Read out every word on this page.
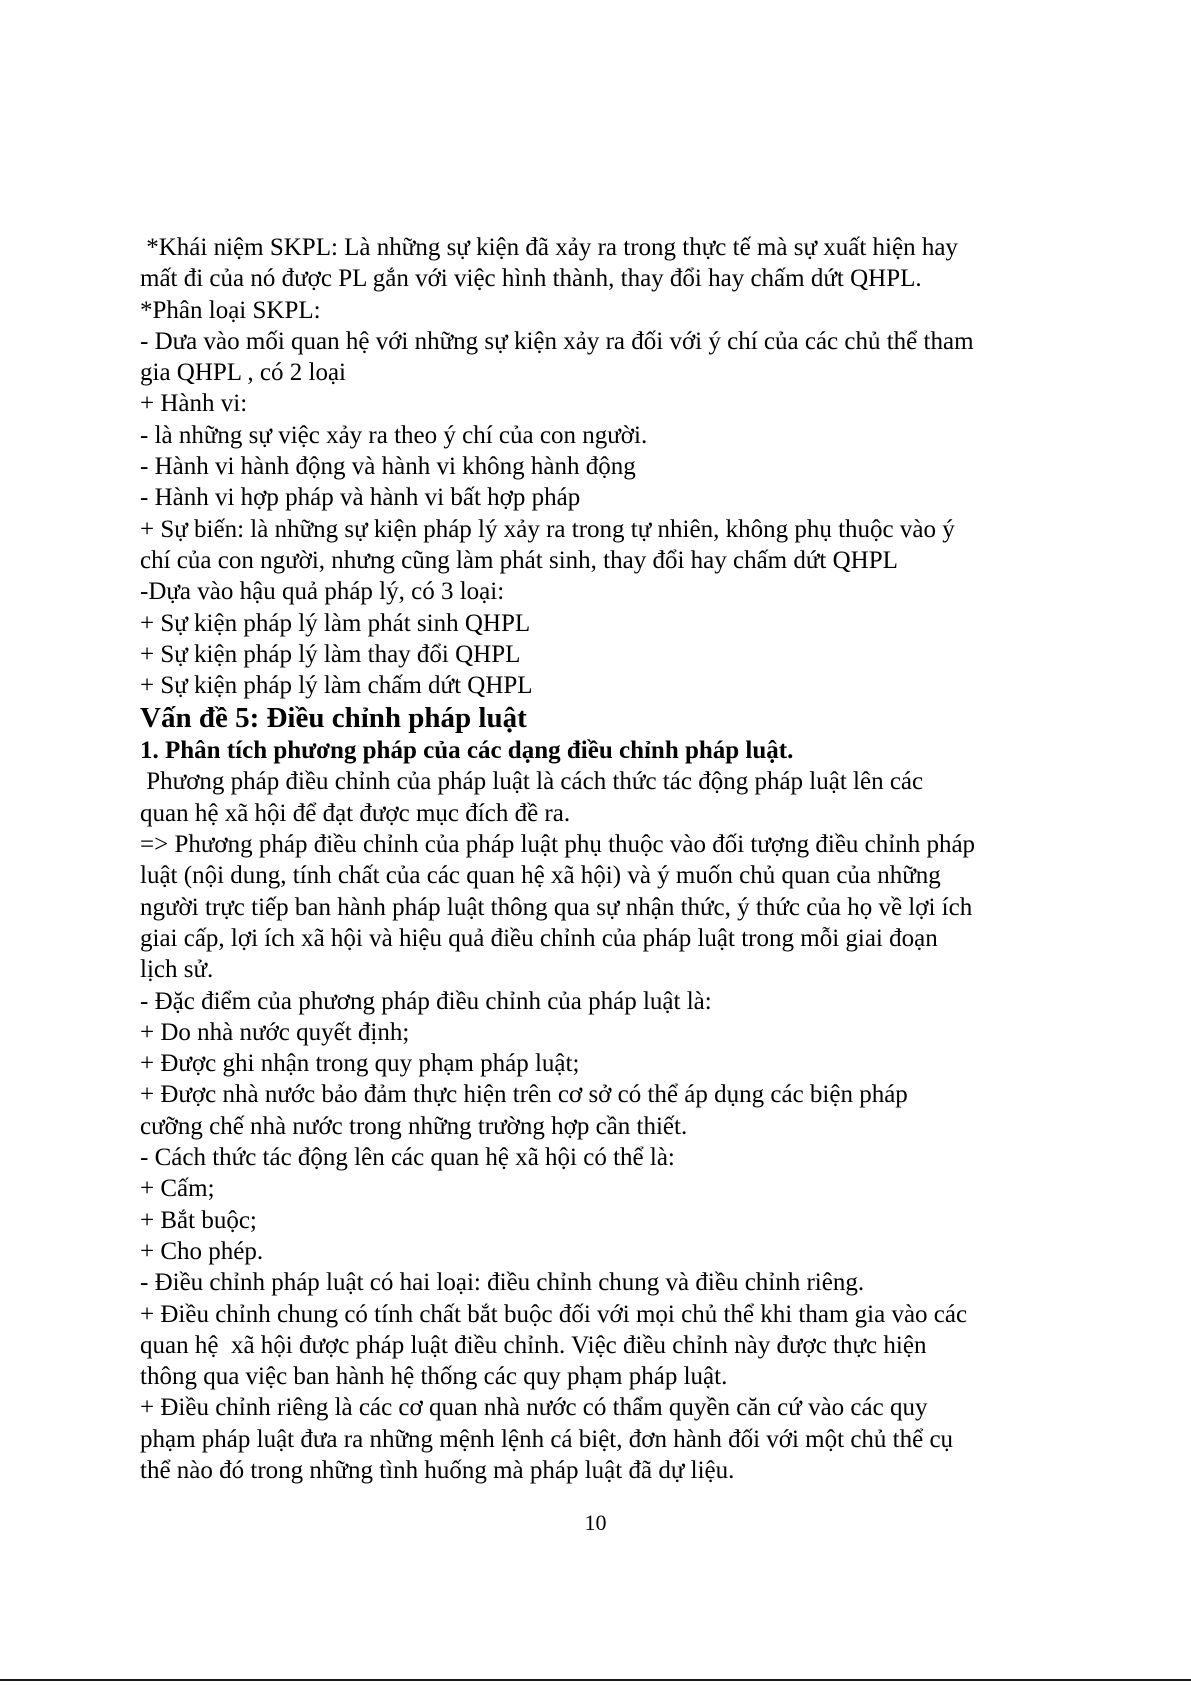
*Khái niệm SKPL: Là những sự kiện đã xảy ra trong thực tế mà sự xuất hiện hay
mất đi của nó được PL gắn với việc hình thành, thay đổi hay chấm dứt QHPL.
*Phân loại SKPL:
- Dưa vào mối quan hệ với những sự kiện xảy ra đối với ý chí của các chủ thể tham
gia QHPL , có 2 loại
+ Hành vi:
- là những sự việc xảy ra theo ý chí của con người.
- Hành vi hành động và hành vi không hành động
- Hành vi hợp pháp và hành vi bất hợp pháp
+ Sự biến: là những sự kiện pháp lý xảy ra trong tự nhiên, không phụ thuộc vào ý
chí của con người, nhưng cũng làm phát sinh, thay đổi hay chấm dứt QHPL
-Dựa vào hậu quả pháp lý, có 3 loại:
+ Sự kiện pháp lý làm phát sinh QHPL
+ Sự kiện pháp lý làm thay đổi QHPL
+ Sự kiện pháp lý làm chấm dứt QHPL
Vấn đề 5: Điều chỉnh pháp luật
1. Phân tích phương pháp của các dạng điều chỉnh pháp luật.
Phương pháp điều chỉnh của pháp luật là cách thức tác động pháp luật lên các
quan hệ xã hội để đạt được mục đích đề ra.
=> Phương pháp điều chỉnh của pháp luật phụ thuộc vào đối tượng điều chỉnh pháp
luật (nội dung, tính chất của các quan hệ xã hội) và ý muốn chủ quan của những
người trực tiếp ban hành pháp luật thông qua sự nhận thức, ý thức của họ về lợi ích
giai cấp, lợi ích xã hội và hiệu quả điều chỉnh của pháp luật trong mỗi giai đoạn
lịch sử.
- Đặc điểm của phương pháp điều chỉnh của pháp luật là:
+ Do nhà nước quyết định;
+ Được ghi nhận trong quy phạm pháp luật;
+ Được nhà nước bảo đảm thực hiện trên cơ sở có thể áp dụng các biện pháp
cưỡng chế nhà nước trong những trường hợp cần thiết.
- Cách thức tác động lên các quan hệ xã hội có thể là:
+ Cấm;
+ Bắt buộc;
+ Cho phép.
- Điều chỉnh pháp luật có hai loại: điều chỉnh chung và điều chỉnh riêng.
+ Điều chỉnh chung có tính chất bắt buộc đối với mọi chủ thể khi tham gia vào các
quan hệ  xã hội được pháp luật điều chỉnh. Việc điều chỉnh này được thực hiện
thông qua việc ban hành hệ thống các quy phạm pháp luật.
+ Điều chỉnh riêng là các cơ quan nhà nước có thẩm quyền căn cứ vào các quy
phạm pháp luật đưa ra những mệnh lệnh cá biệt, đơn hành đối với một chủ thể cụ
thể nào đó trong những tình huống mà pháp luật đã dự liệu.
10
